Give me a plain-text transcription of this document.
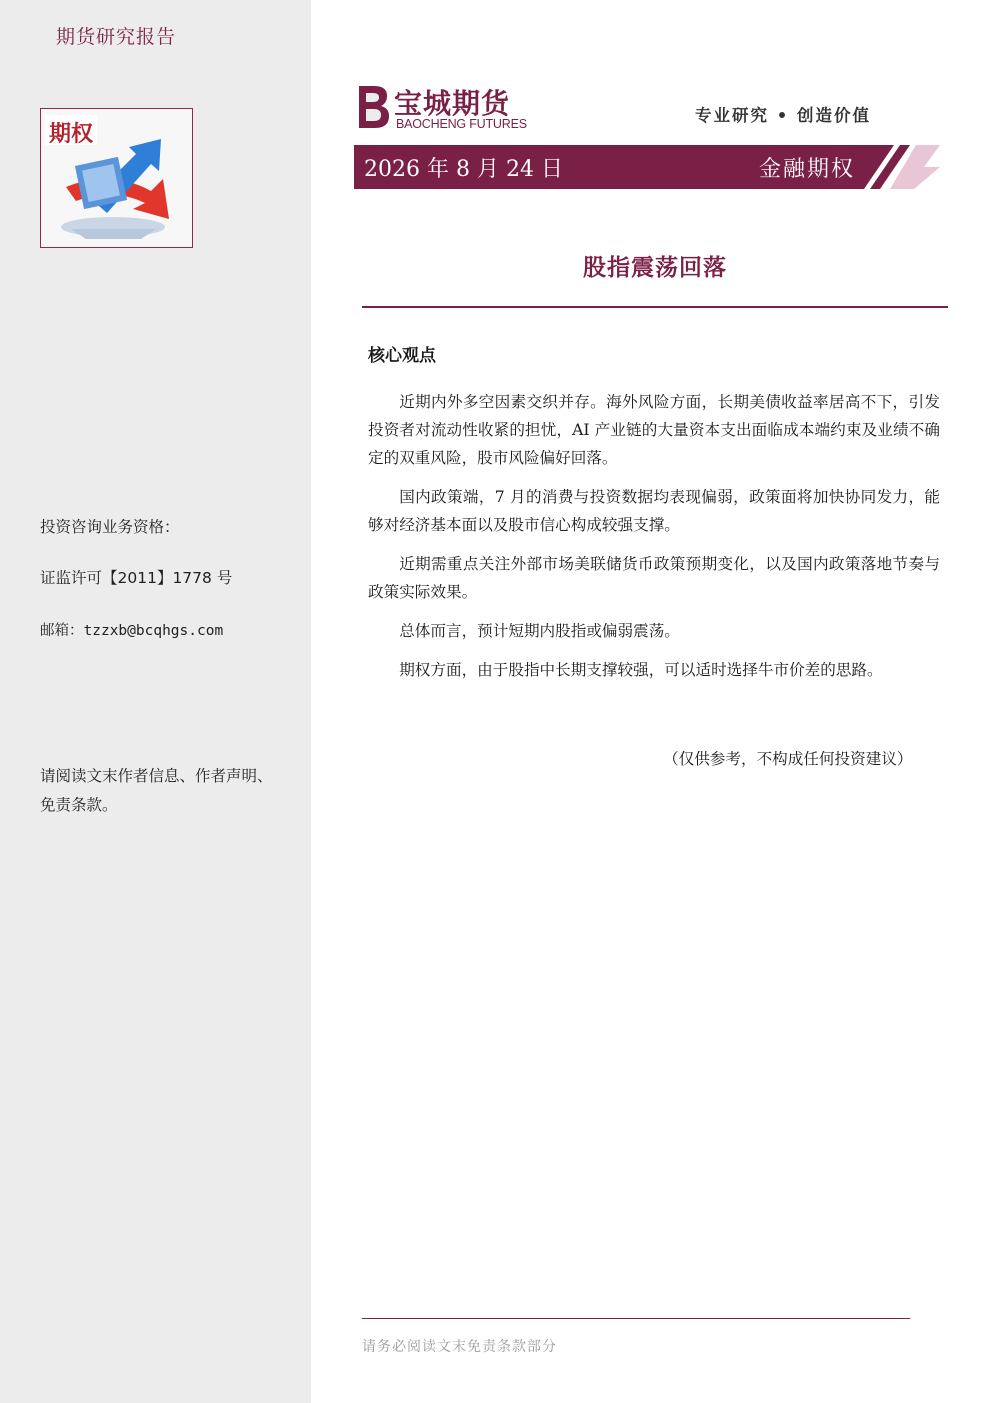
期货研究报告
期权
投资咨询业务资格：
证监许可【2011】1778 号
邮箱：tzzxb@bcqhgs.com
请阅读文末作者信息、作者声明、免责条款。
宝城期货
BAOCHENG FUTURES	专业研究 • 创造价值
2026 年 8 月 24 日	金融期权
股指震荡回落
核心观点

近期内外多空因素交织并存。海外风险方面，长期美债收益率居高不下，引发投资者对流动性收紧的担忧，AI 产业链的大量资本支出面临成本端约束及业绩不确定的双重风险，股市风险偏好回落。

国内政策端，7 月的消费与投资数据均表现偏弱，政策面将加快协同发力，能够对经济基本面以及股市信心构成较强支撑。

近期需重点关注外部市场美联储货币政策预期变化，以及国内政策落地节奏与政策实际效果。

总体而言，预计短期内股指或偏弱震荡。

期权方面，由于股指中长期支撑较强，可以适时选择牛市价差的思路。

（仅供参考，不构成任何投资建议）
请务必阅读文末免责条款部分
